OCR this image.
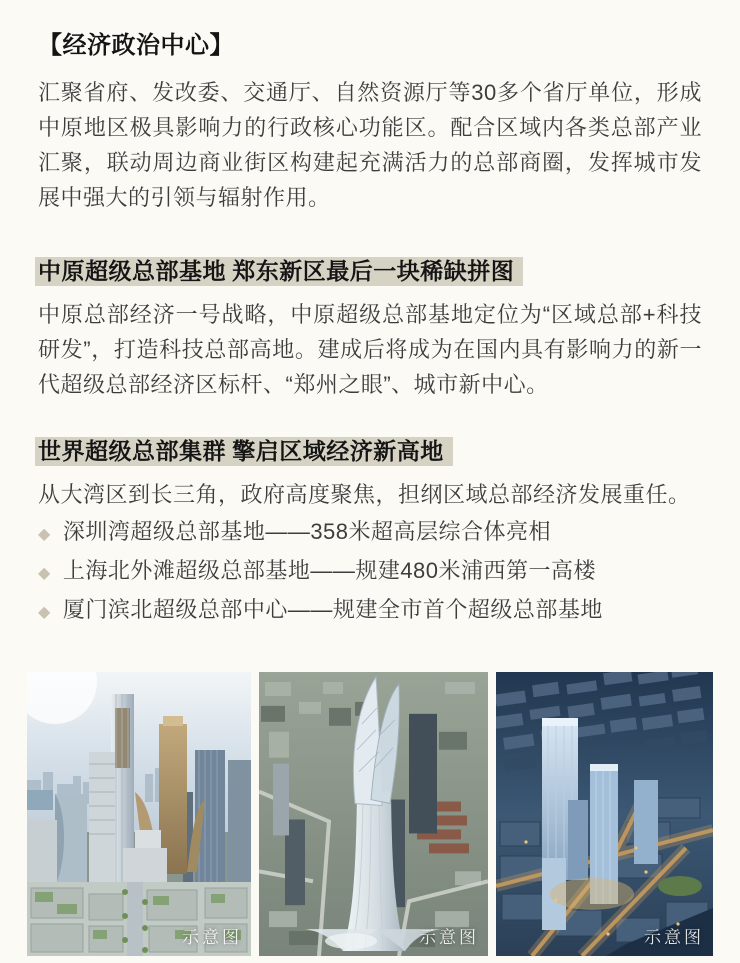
【经济政治中心】

汇聚省府、发改委、交通厅、自然资源厅等30多个省厅单位，形成中原地区极具影响力的行政核心功能区。配合区域内各类总部产业汇聚，联动周边商业街区构建起充满活力的总部商圈，发挥城市发展中强大的引领与辐射作用。

中原超级总部基地 郑东新区最后一块稀缺拼图

中原总部经济一号战略，中原超级总部基地定位为“区域总部+科技研发”，打造科技总部高地。建成后将成为在国内具有影响力的新一代超级总部经济区标杆、“郑州之眼”、城市新中心。

世界超级总部集群 擎启区域经济新高地

从大湾区到长三角，政府高度聚焦，担纲区域总部经济发展重任。

◆ 深圳湾超级总部基地——358米超高层综合体亮相
◆ 上海北外滩超级总部基地——规建480米浦西第一高楼
◆ 厦门滨北超级总部中心——规建全市首个超级总部基地
示意图	示意图	示意图
